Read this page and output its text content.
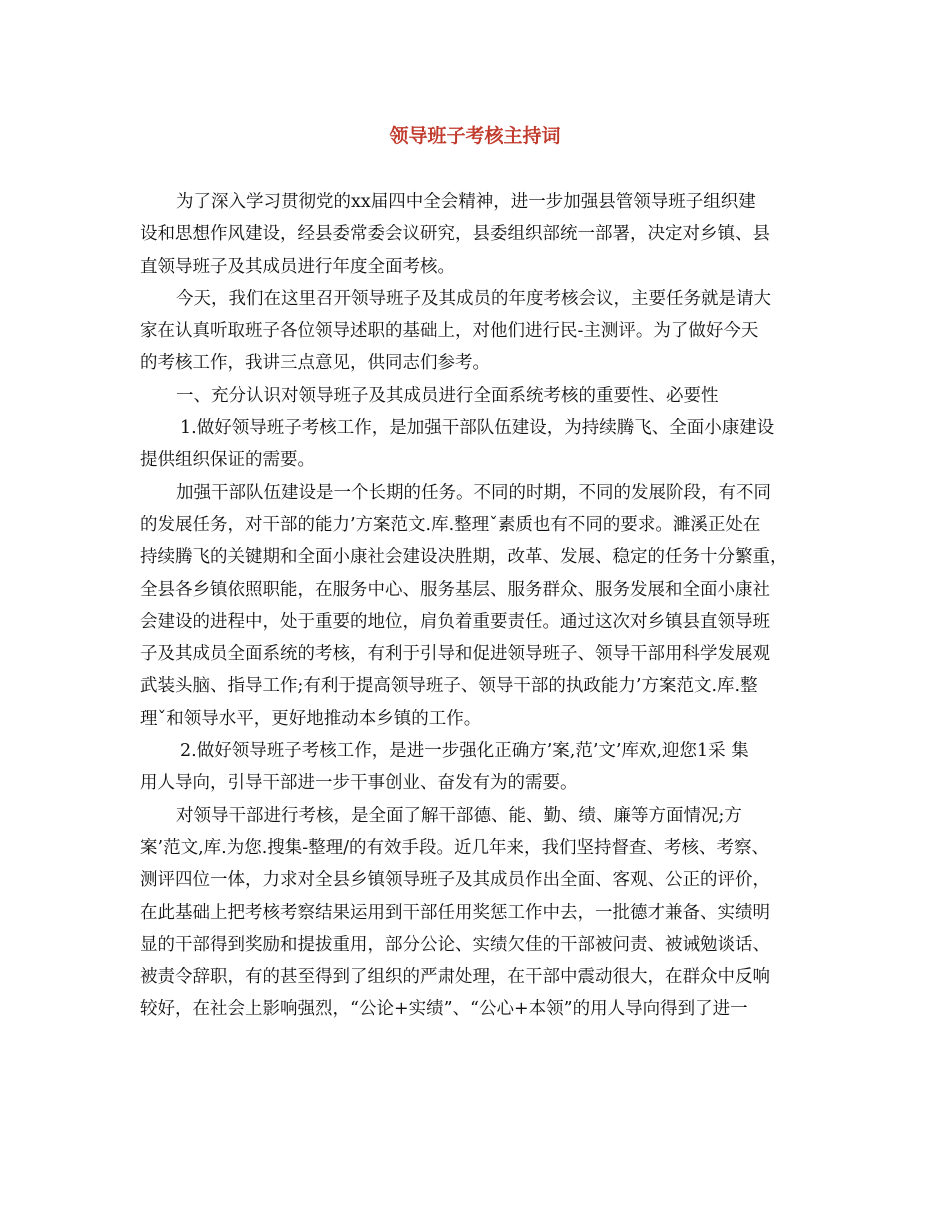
领导班子考核主持词

为了深入学习贯彻党的xx届四中全会精神，进一步加强县管领导班子组织建
设和思想作风建设，经县委常委会议研究，县委组织部统一部署，决定对乡镇、县
直领导班子及其成员进行年度全面考核。

今天，我们在这里召开领导班子及其成员的年度考核会议，主要任务就是请大
家在认真听取班子各位领导述职的基础上，对他们进行民-主测评。为了做好今天
的考核工作，我讲三点意见，供同志们参考。

一、充分认识对领导班子及其成员进行全面系统考核的重要性、必要性

1.做好领导班子考核工作，是加强干部队伍建设，为持续腾飞、全面小康建设
提供组织保证的需要。

加强干部队伍建设是一个长期的任务。不同的时期，不同的发展阶段，有不同
的发展任务，对干部的能力’方案范文.库.整理ˇ素质也有不同的要求。濉溪正处在
持续腾飞的关键期和全面小康社会建设决胜期，改革、发展、稳定的任务十分繁重，
全县各乡镇依照职能，在服务中心、服务基层、服务群众、服务发展和全面小康社
会建设的进程中，处于重要的地位，肩负着重要责任。通过这次对乡镇县直领导班
子及其成员全面系统的考核，有利于引导和促进领导班子、领导干部用科学发展观
武装头脑、指导工作;有利于提高领导班子、领导干部的执政能力’方案范文.库.整
理ˇ和领导水平，更好地推动本乡镇的工作。

2.做好领导班子考核工作，是进一步强化正确方’案,范’文’库欢,迎您1采 集
用人导向，引导干部进一步干事创业、奋发有为的需要。

对领导干部进行考核，是全面了解干部德、能、勤、绩、廉等方面情况;方
案’范文,库.为您.搜集-整理/的有效手段。近几年来，我们坚持督查、考核、考察、
测评四位一体，力求对全县乡镇领导班子及其成员作出全面、客观、公正的评价，
在此基础上把考核考察结果运用到干部任用奖惩工作中去，一批德才兼备、实绩明
显的干部得到奖励和提拔重用，部分公论、实绩欠佳的干部被问责、被诫勉谈话、
被责令辞职，有的甚至得到了组织的严肃处理，在干部中震动很大，在群众中反响
较好，在社会上影响强烈，“公论+实绩”、“公心+本领”的用人导向得到了进一
